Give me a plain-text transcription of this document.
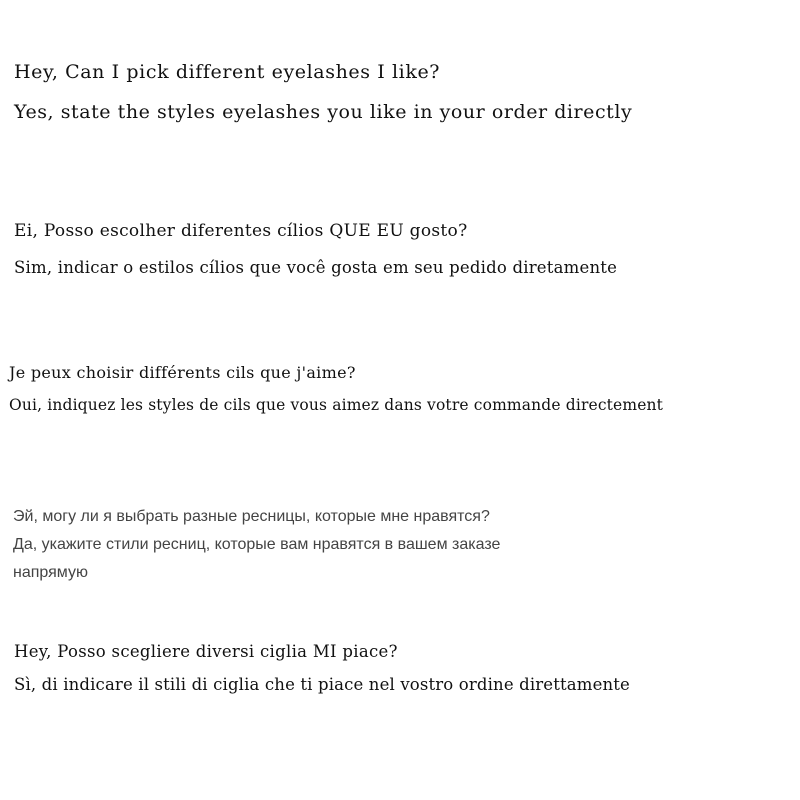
Hey, Can I pick different eyelashes I like?

Yes, state the styles eyelashes you like in your order directly

Ei, Posso escolher diferentes cílios QUE EU gosto?

Sim, indicar o estilos cílios que você gosta em seu pedido diretamente

Je peux choisir différents cils que j'aime?

Oui, indiquez les styles de cils que vous aimez dans votre commande directement

Эй, могу ли я выбрать разные ресницы, которые мне нравятся?

Да, укажите стили ресниц, которые вам нравятся в вашем заказе

напрямую

Hey, Posso scegliere diversi ciglia MI piace?

Sì, di indicare il stili di ciglia che ti piace nel vostro ordine direttamente
